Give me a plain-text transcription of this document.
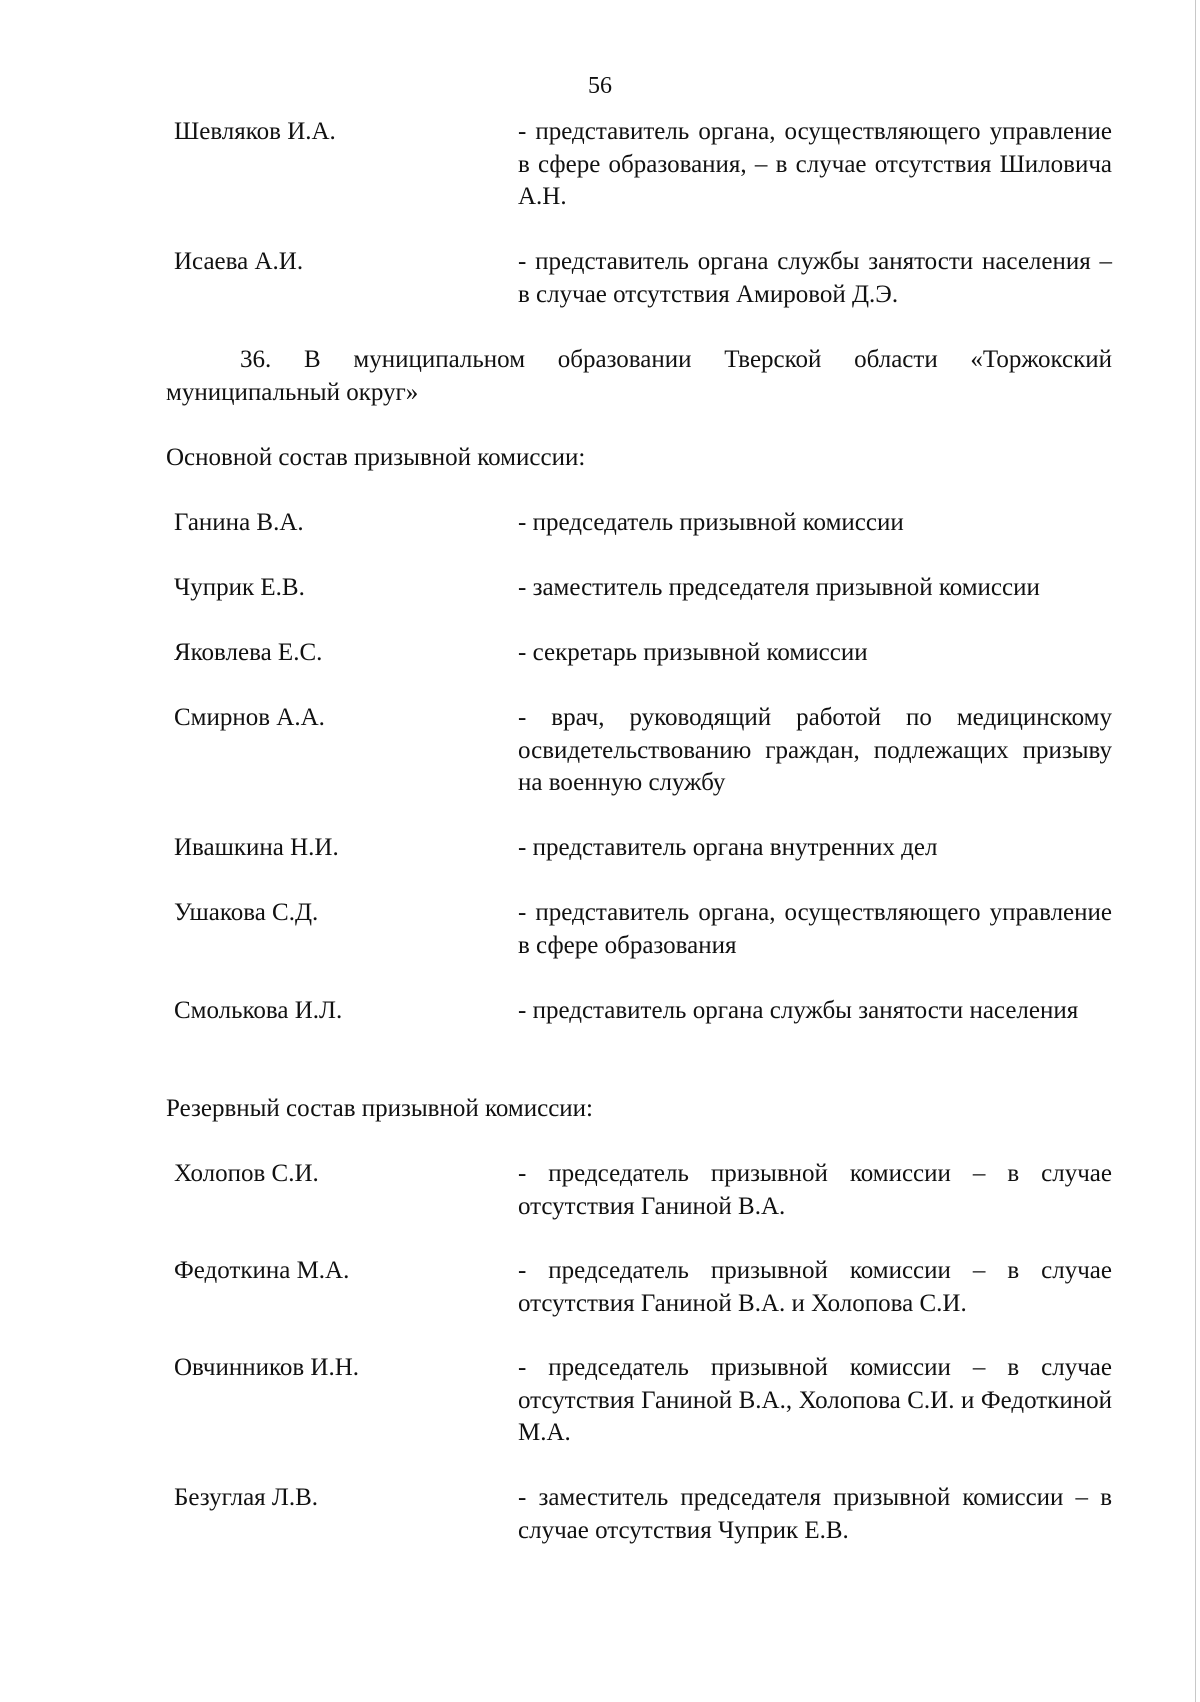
56
Шевляков И.А.	- представитель органа, осуществляющего управление в сфере образования, – в случае отсутствия Шиловича А.Н.
Исаева А.И.	- представитель органа службы занятости населения – в случае отсутствия Амировой Д.Э.
36. В муниципальном образовании Тверской области «Торжокский муниципальный округ»
Основной состав призывной комиссии:
Ганина В.А.	- председатель призывной комиссии
Чуприк Е.В.	- заместитель председателя призывной комиссии
Яковлева Е.С.	- секретарь призывной комиссии
Смирнов А.А.	- врач, руководящий работой по медицинскому освидетельствованию граждан, подлежащих призыву на военную службу
Ивашкина Н.И.	- представитель органа внутренних дел
Ушакова С.Д.	- представитель органа, осуществляющего управление в сфере образования
Смолькова И.Л.	- представитель органа службы занятости населения
Резервный состав призывной комиссии:
Холопов С.И.	- председатель призывной комиссии – в случае отсутствия Ганиной В.А.
Федоткина М.А.	- председатель призывной комиссии – в случае отсутствия Ганиной В.А. и Холопова С.И.
Овчинников И.Н.	- председатель призывной комиссии – в случае отсутствия Ганиной В.А., Холопова С.И. и Федоткиной М.А.
Безуглая Л.В.	- заместитель председателя призывной комиссии – в случае отсутствия Чуприк Е.В.
